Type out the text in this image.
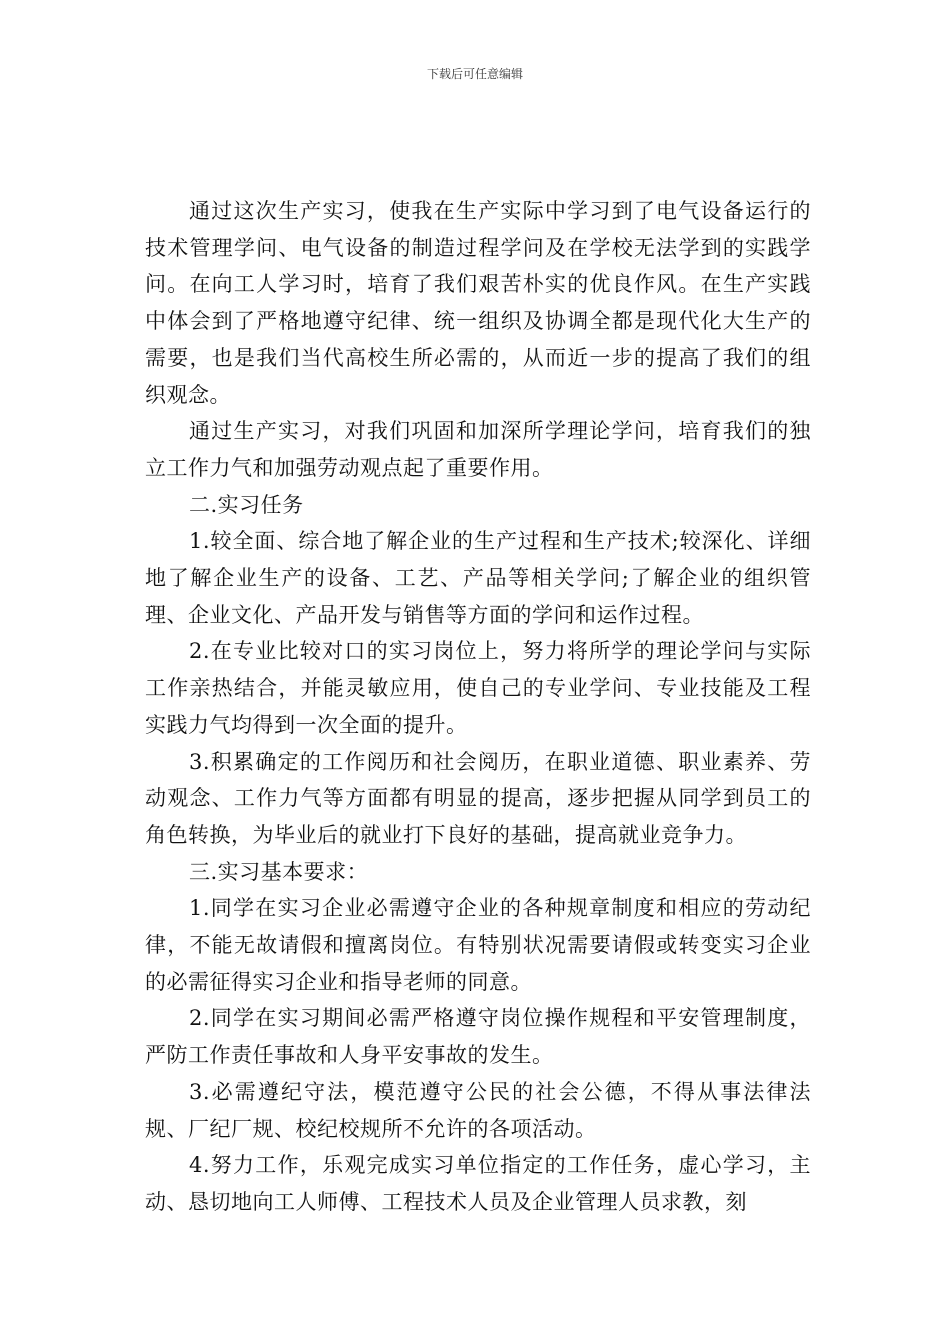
下载后可任意编辑

通过这次生产实习，使我在生产实际中学习到了电气设备运行的技术管理学问、电气设备的制造过程学问及在学校无法学到的实践学问。在向工人学习时，培育了我们艰苦朴实的优良作风。在生产实践中体会到了严格地遵守纪律、统一组织及协调全都是现代化大生产的需要，也是我们当代高校生所必需的，从而近一步的提高了我们的组织观念。

通过生产实习，对我们巩固和加深所学理论学问，培育我们的独立工作力气和加强劳动观点起了重要作用。

二.实习任务

1.较全面、综合地了解企业的生产过程和生产技术;较深化、详细地了解企业生产的设备、工艺、产品等相关学问;了解企业的组织管理、企业文化、产品开发与销售等方面的学问和运作过程。

2.在专业比较对口的实习岗位上，努力将所学的理论学问与实际工作亲热结合，并能灵敏应用，使自己的专业学问、专业技能及工程实践力气均得到一次全面的提升。

3.积累确定的工作阅历和社会阅历，在职业道德、职业素养、劳动观念、工作力气等方面都有明显的提高，逐步把握从同学到员工的角色转换，为毕业后的就业打下良好的基础，提高就业竞争力。

三.实习基本要求：

1.同学在实习企业必需遵守企业的各种规章制度和相应的劳动纪律，不能无故请假和擅离岗位。有特别状况需要请假或转变实习企业的必需征得实习企业和指导老师的同意。

2.同学在实习期间必需严格遵守岗位操作规程和平安管理制度，严防工作责任事故和人身平安事故的发生。

3.必需遵纪守法，模范遵守公民的社会公德，不得从事法律法规、厂纪厂规、校纪校规所不允许的各项活动。

4.努力工作，乐观完成实习单位指定的工作任务，虚心学习，主动、恳切地向工人师傅、工程技术人员及企业管理人员求教，刻
